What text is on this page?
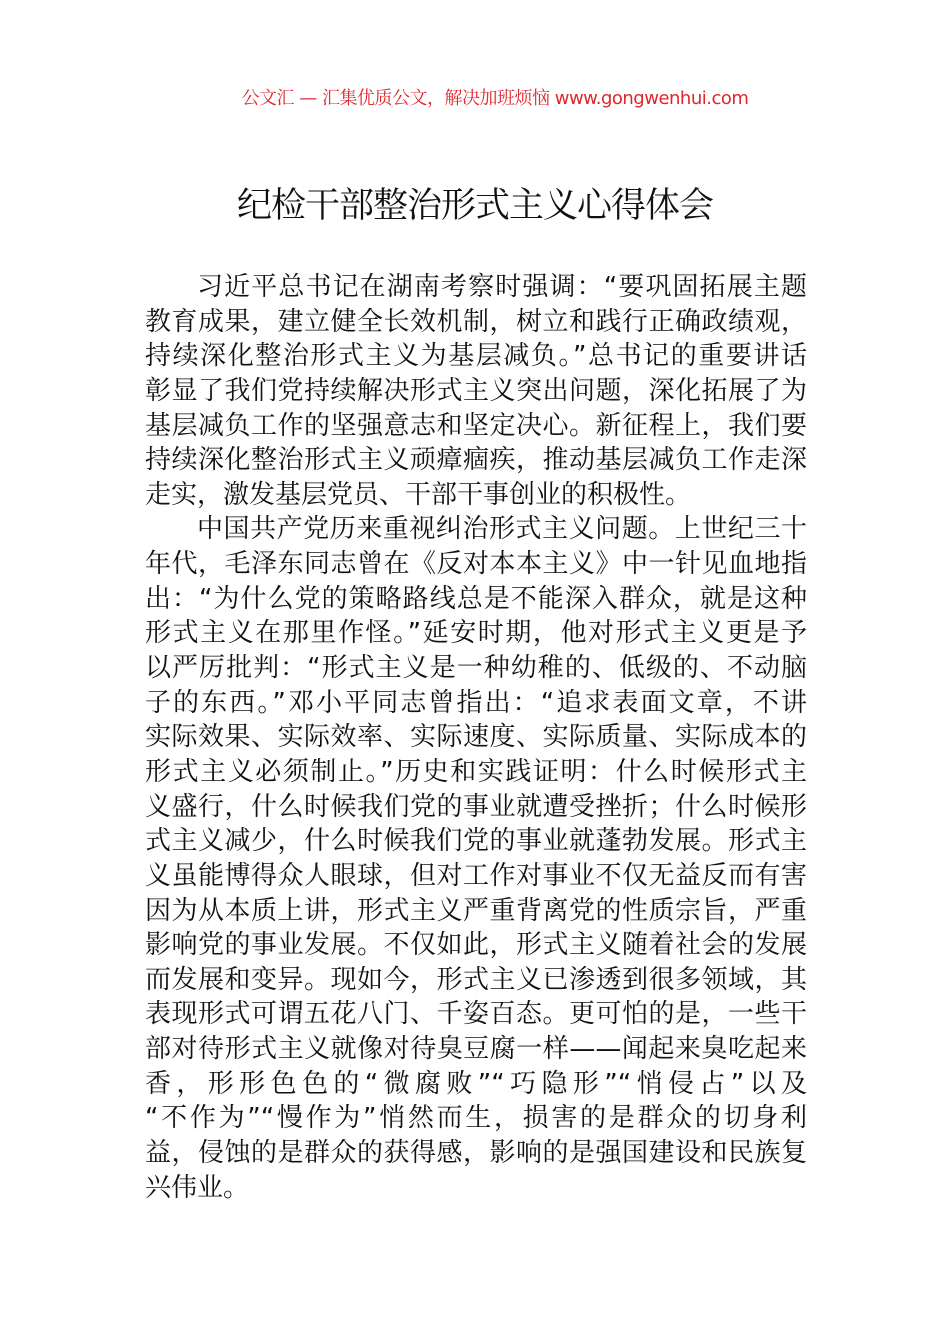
公文汇 — 汇集优质公文，解决加班烦恼 www.gongwenhui.com
纪检干部整治形式主义心得体会
习近平总书记在湖南考察时强调：“要巩固拓展主题
教育成果，建立健全长效机制，树立和践行正确政绩观，
持续深化整治形式主义为基层减负。”总书记的重要讲话
彰显了我们党持续解决形式主义突出问题，深化拓展了为
基层减负工作的坚强意志和坚定决心。新征程上，我们要
持续深化整治形式主义顽瘴痼疾，推动基层减负工作走深
走实，激发基层党员、干部干事创业的积极性。
中国共产党历来重视纠治形式主义问题。上世纪三十
年代，毛泽东同志曾在《反对本本主义》中一针见血地指
出：“为什么党的策略路线总是不能深入群众，就是这种
形式主义在那里作怪。”延安时期，他对形式主义更是予
以严厉批判：“形式主义是一种幼稚的、低级的、不动脑
子的东西。”邓小平同志曾指出：“追求表面文章，不讲
实际效果、实际效率、实际速度、实际质量、实际成本的
形式主义必须制止。”历史和实践证明：什么时候形式主
义盛行，什么时候我们党的事业就遭受挫折；什么时候形
式主义减少，什么时候我们党的事业就蓬勃发展。形式主
义虽能博得众人眼球，但对工作对事业不仅无益反而有害
因为从本质上讲，形式主义严重背离党的性质宗旨，严重
影响党的事业发展。不仅如此，形式主义随着社会的发展
而发展和变异。现如今，形式主义已渗透到很多领域，其
表现形式可谓五花八门、千姿百态。更可怕的是，一些干
部对待形式主义就像对待臭豆腐一样——闻起来臭吃起来
香，形形色色的“微腐败”“巧隐形”“悄侵占”以及
“不作为”“慢作为”悄然而生，损害的是群众的切身利
益，侵蚀的是群众的获得感，影响的是强国建设和民族复
兴伟业。
